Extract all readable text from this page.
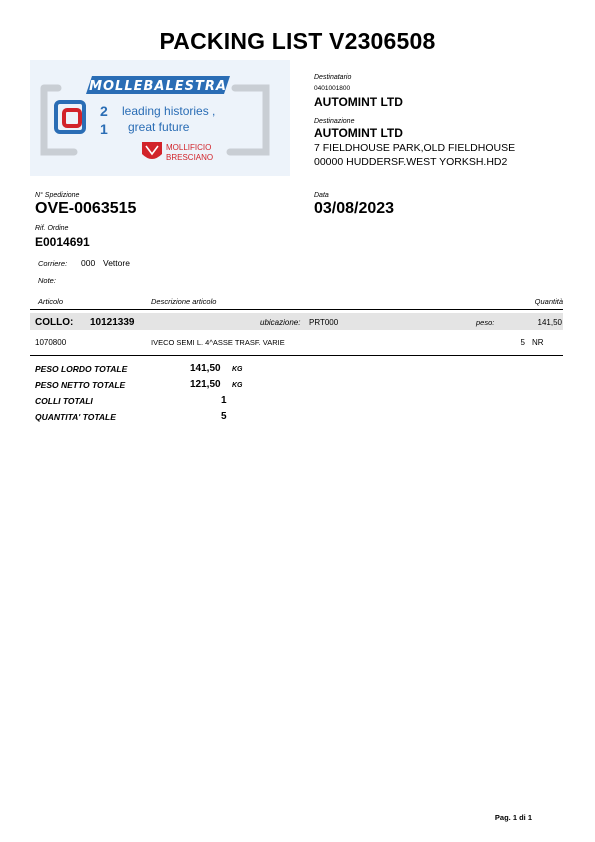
PACKING LIST V2306508
MOLLEBALESTRA
2
1
leading histories ,
great future
MOLLIFICIO
BRESCIANO
Destinatario
0401001800
AUTOMINT LTD
Destinazione
AUTOMINT LTD
7 FIELDHOUSE PARK,OLD FIELDHOUSE
00000 HUDDERSF.WEST YORKSH.HD2
N° Spedizione
OVE-0063515
Data
03/08/2023
Rif. Ordine
E0014691
Corriere: 000 Vettore
Note:
Articolo	Descrizione articolo	Quantità
COLLO: 10121339	ubicazione: PRT000	peso:	141,50
1070800	IVECO SEMI L. 4^ASSE TRASF. VARIE	5 NR
PESO LORDO TOTALE	141,50 KG
PESO NETTO TOTALE	121,50 KG
COLLI TOTALI	1
QUANTITA' TOTALE	5
Pag. 1 di 1
